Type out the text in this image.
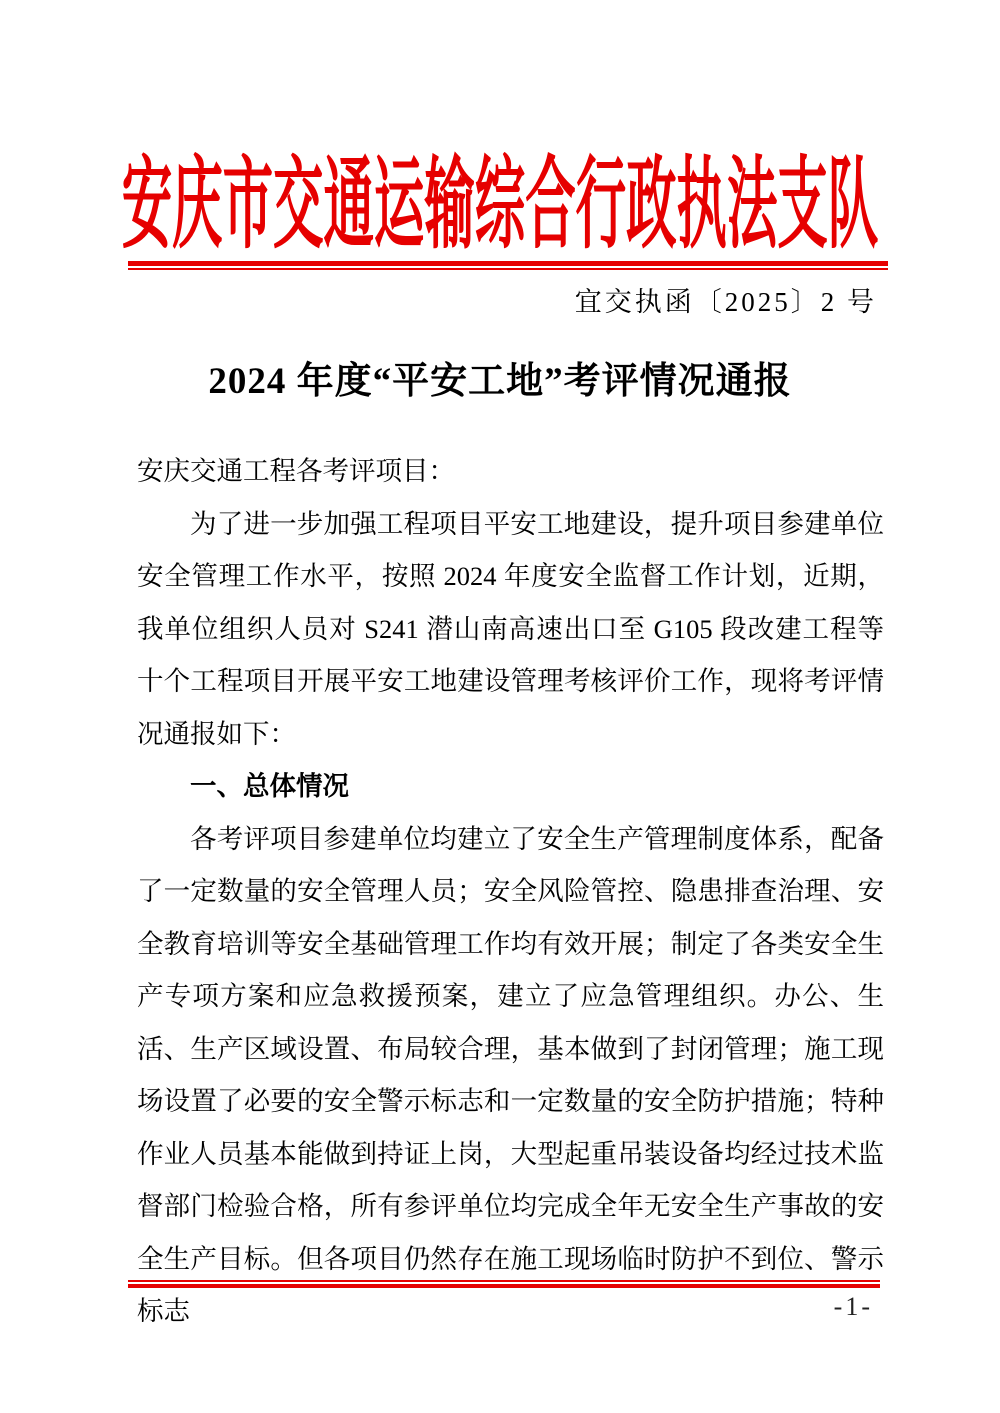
安庆市交通运输综合行政执法支队
宜交执函〔2025〕2 号
2024 年度“平安工地”考评情况通报

安庆交通工程各考评项目：

为了进一步加强工程项目平安工地建设，提升项目参建单位安全管理工作水平，按照 2024 年度安全监督工作计划，近期，我单位组织人员对 S241 潜山南高速出口至 G105 段改建工程等十个工程项目开展平安工地建设管理考核评价工作，现将考评情况通报如下：

一、总体情况

各考评项目参建单位均建立了安全生产管理制度体系，配备了一定数量的安全管理人员；安全风险管控、隐患排查治理、安全教育培训等安全基础管理工作均有效开展；制定了各类安全生产专项方案和应急救援预案，建立了应急管理组织。办公、生活、生产区域设置、布局较合理，基本做到了封闭管理；施工现场设置了必要的安全警示标志和一定数量的安全防护措施；特种作业人员基本能做到持证上岗，大型起重吊装设备均经过技术监督部门检验合格，所有参评单位均完成全年无安全生产事故的安全生产目标。但各项目仍然存在施工现场临时防护不到位、警示标志	-1-
